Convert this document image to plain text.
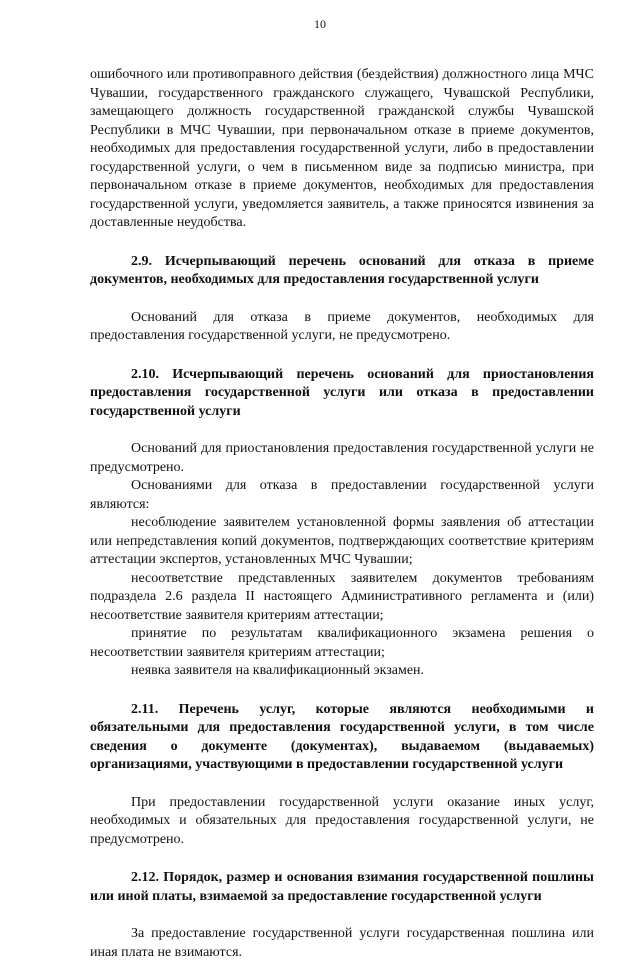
10

ошибочного или противоправного действия (бездействия) должностного лица МЧС Чувашии, государственного гражданского служащего, Чувашской Республики, замещающего должность государственной гражданской службы Чувашской Республики в МЧС Чувашии, при первоначальном отказе в приеме документов, необходимых для предоставления государственной услуги, либо в предоставлении государственной услуги, о чем в письменном виде за подписью министра, при первоначальном отказе в приеме документов, необходимых для предоставления государственной услуги, уведомляется заявитель, а также приносятся извинения за доставленные неудобства.

2.9. Исчерпывающий перечень оснований для отказа в приеме документов, необходимых для предоставления государственной услуги

Оснований для отказа в приеме документов, необходимых для предоставления государственной услуги, не предусмотрено.

2.10. Исчерпывающий перечень оснований для приостановления предоставления государственной услуги или отказа в предоставлении государственной услуги

Оснований для приостановления предоставления государственной услуги не предусмотрено.

Основаниями для отказа в предоставлении государственной услуги являются:

несоблюдение заявителем установленной формы заявления об аттестации или непредставления копий документов, подтверждающих соответствие критериям аттестации экспертов, установленных МЧС Чувашии;

несоответствие представленных заявителем документов требованиям подраздела 2.6 раздела II настоящего Административного регламента и (или) несоответствие заявителя критериям аттестации;

принятие по результатам квалификационного экзамена решения о несоответствии заявителя критериям аттестации;

неявка заявителя на квалификационный экзамен.

2.11. Перечень услуг, которые являются необходимыми и обязательными для предоставления государственной услуги, в том числе сведения о документе (документах), выдаваемом (выдаваемых) организациями, участвующими в предоставлении государственной услуги

При предоставлении государственной услуги оказание иных услуг, необходимых и обязательных для предоставления государственной услуги, не предусмотрено.

2.12. Порядок, размер и основания взимания государственной пошлины или иной платы, взимаемой за предоставление государственной услуги

За предоставление государственной услуги государственная пошлина или иная плата не взимаются.
